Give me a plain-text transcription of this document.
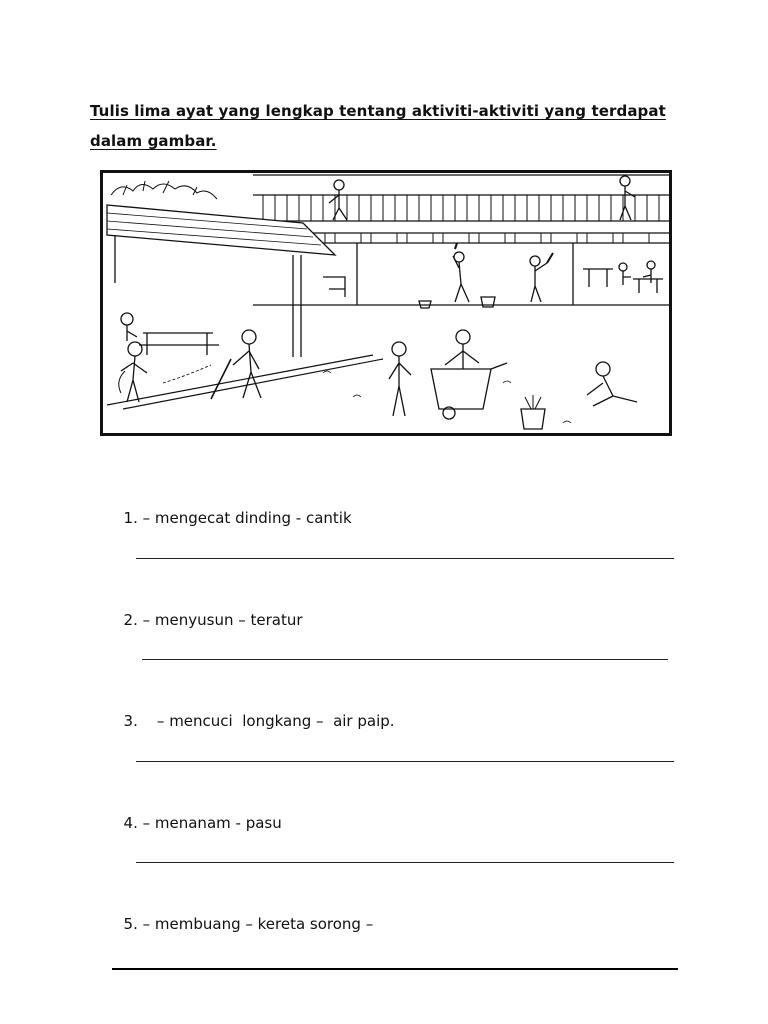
Tulis lima ayat yang lengkap tentang aktiviti-aktiviti yang terdapat
dalam gambar.

1. – mengecat dinding - cantik

2. – menyusun – teratur

3.    – mencuci  longkang –  air paip.

4. – menanam - pasu

5. – membuang – kereta sorong –
